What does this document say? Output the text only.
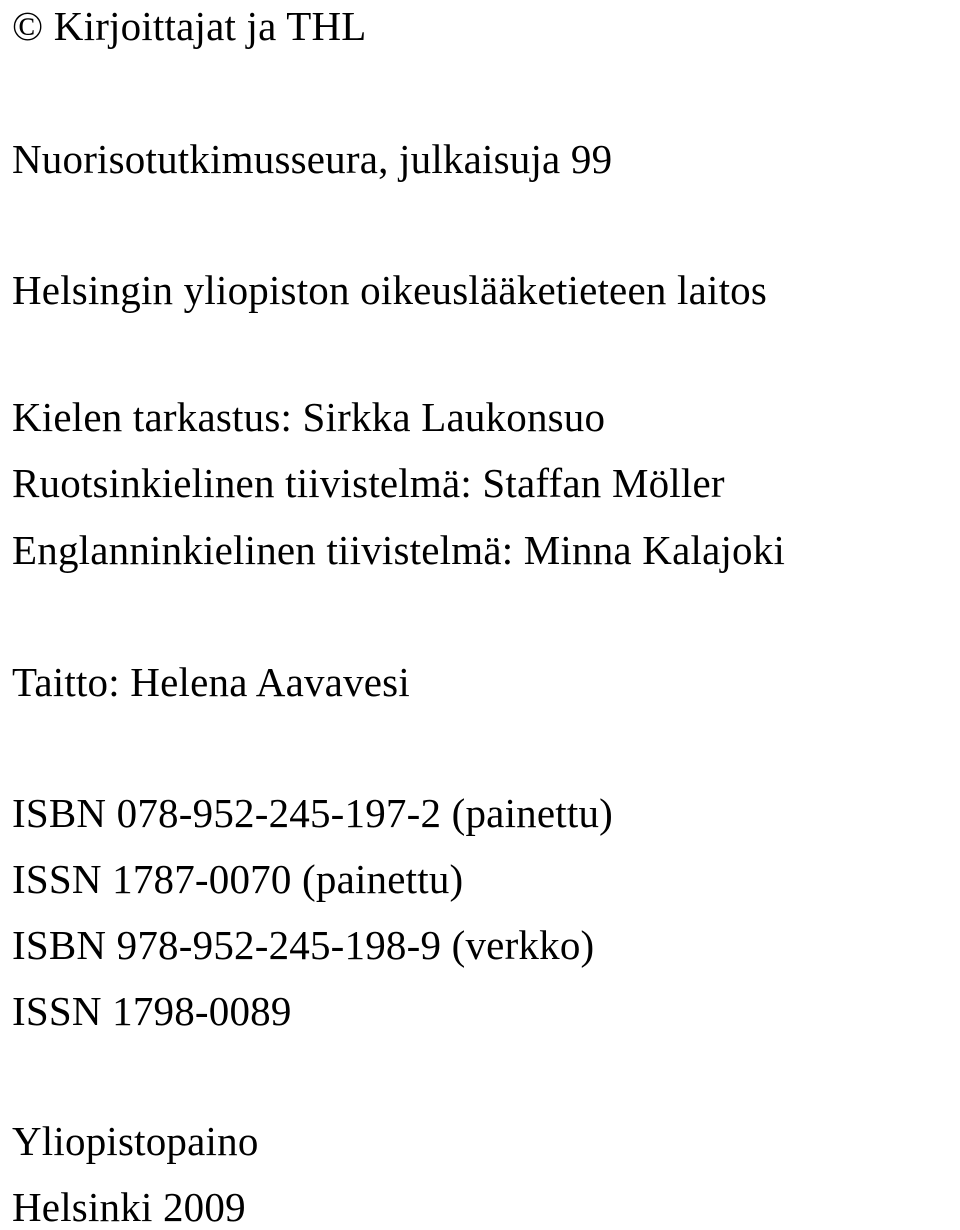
© Kirjoittajat ja THL
Nuorisotutkimusseura, julkaisuja 99
Helsingin yliopiston oikeuslääketieteen laitos
Kielen tarkastus: Sirkka Laukonsuo
Ruotsinkielinen tiivistelmä: Staffan Möller
Englanninkielinen tiivistelmä: Minna Kalajoki
Taitto: Helena Aavavesi
ISBN 078-952-245-197-2 (painettu)
ISSN 1787-0070 (painettu)
ISBN 978-952-245-198-9 (verkko)
ISSN 1798-0089
Yliopistopaino
Helsinki 2009
